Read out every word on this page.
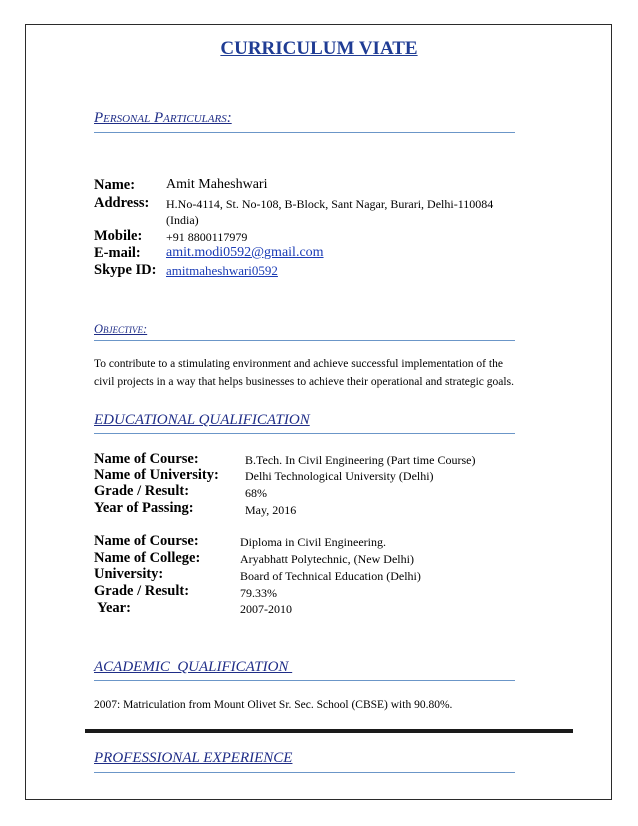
CURRICULUM VIATE
Personal Particulars:
Name: Amit Maheshwari
Address: H.No-4114, St. No-108, B-Block, Sant Nagar, Burari, Delhi-110084
(India)
Mobile: +91 8800117979
E-mail: amit.modi0592@gmail.com
Skype ID: amitmaheshwari0592
Objective:
To contribute to a stimulating environment and achieve successful implementation of the
civil projects in a way that helps businesses to achieve their operational and strategic goals.
EDUCATIONAL QUALIFICATION
Name of Course:	B.Tech. In Civil Engineering (Part time Course)
Name of University: Delhi Technological University (Delhi)
Grade / Result:	68%
Year of Passing:	May, 2016
Name of Course:	Diploma in Civil Engineering.
Name of College:	Aryabhatt Polytechnic, (New Delhi)
University:	Board of Technical Education (Delhi)
Grade / Result:	79.33%
Year:	2007-2010
ACADEMIC  QUALIFICATION
2007: Matriculation from Mount Olivet Sr. Sec. School (CBSE) with 90.80%.
PROFESSIONAL EXPERIENCE
